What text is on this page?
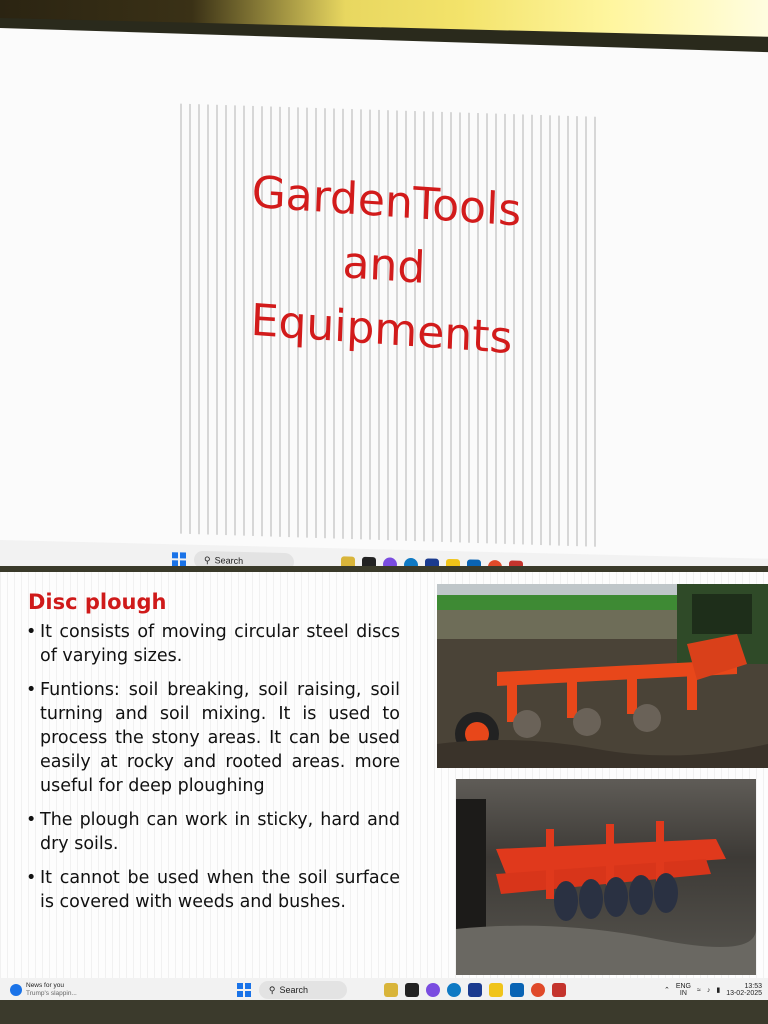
GardenTools
and
Equipments
⚲ Search
Disc plough
• It consists of moving circular steel discs of varying sizes.
• Funtions: soil breaking, soil raising, soil turning and soil mixing. It is used to process the stony areas. It can be used easily at rocky and rooted areas. more useful for deep ploughing
• The plough can work in sticky, hard and dry soils.
• It cannot be used when the soil surface is covered with weeds and bushes.
News for you
Trump's slappin...	⚲ Search	⌃
ENG
IN	≈ ♪ ▮
13:53
13-02-2025
